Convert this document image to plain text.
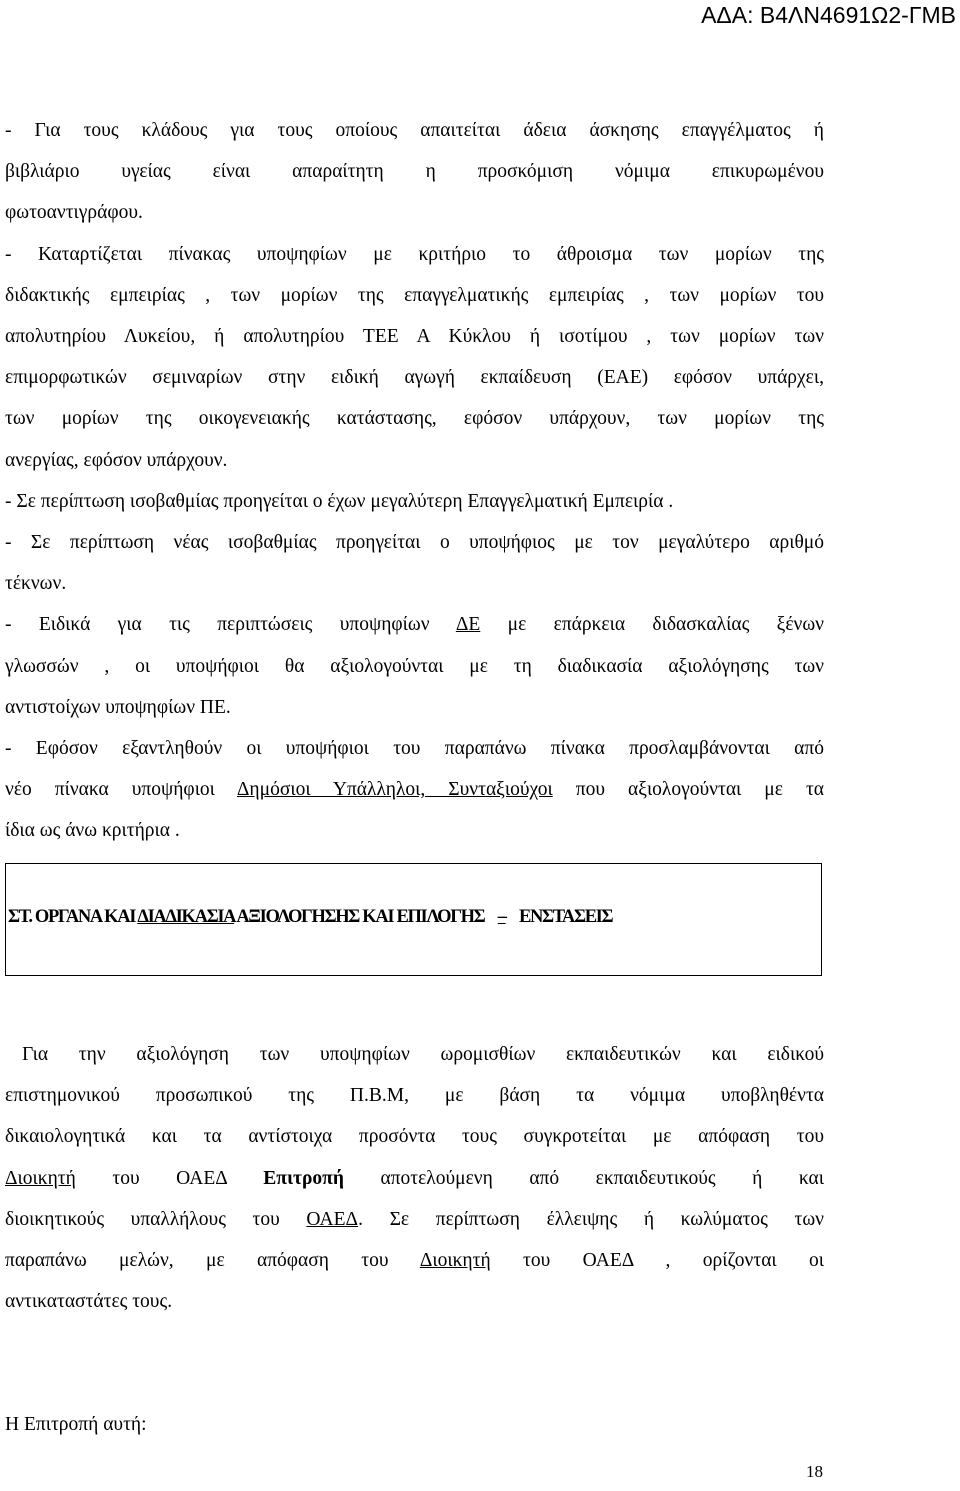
ΑΔΑ: Β4ΛΝ4691Ω2-ΓΜΒ
- Για τους κλάδους για τους οποίους απαιτείται άδεια άσκησης επαγγέλματος ή
βιβλιάριο υγείας είναι απαραίτητη η προσκόμιση νόμιμα επικυρωμένου
φωτοαντιγράφου.
- Καταρτίζεται πίνακας υποψηφίων με κριτήριο το άθροισμα των μορίων της
διδακτικής εμπειρίας , των μορίων της επαγγελματικής εμπειρίας , των μορίων του
απολυτηρίου Λυκείου, ή απολυτηρίου ΤΕΕ Α Κύκλου ή ισοτίμου , των μορίων των
επιμορφωτικών σεμιναρίων στην ειδική αγωγή εκπαίδευση (ΕΑΕ) εφόσον υπάρχει,
των μορίων της οικογενειακής κατάστασης, εφόσον υπάρχουν, των μορίων της
ανεργίας, εφόσον υπάρχουν.
- Σε περίπτωση ισοβαθμίας προηγείται ο έχων μεγαλύτερη Επαγγελματική Εμπειρία .
- Σε περίπτωση νέας ισοβαθμίας προηγείται ο υποψήφιος με τον μεγαλύτερο αριθμό
τέκνων.
- Ειδικά για τις περιπτώσεις υποψηφίων ΔΕ με επάρκεια διδασκαλίας ξένων
γλωσσών , οι υποψήφιοι θα αξιολογούνται με τη διαδικασία αξιολόγησης των
αντιστοίχων υποψηφίων ΠΕ.
- Εφόσον εξαντληθούν οι υποψήφιοι του παραπάνω πίνακα προσλαμβάνονται από
νέο πίνακα υποψήφιοι Δημόσιοι Υπάλληλοι, Συνταξιούχοι που αξιολογούνται με τα
ίδια ως άνω κριτήρια .
ΣΤ. ΟΡΓΑΝΑ ΚΑΙ ΔΙΑΔΙΚΑΣΙΑ ΑΞΙΟΛΟΓΗΣΗΣ ΚΑΙ ΕΠΙΛΟΓΗΣ – ΕΝΣΤΑΣΕΙΣ
Για την αξιολόγηση των υποψηφίων ωρομισθίων εκπαιδευτικών και ειδικού
επιστημονικού προσωπικού της Π.Β.Μ, με βάση τα νόμιμα υποβληθέντα
δικαιολογητικά και τα αντίστοιχα προσόντα τους συγκροτείται με απόφαση του
Διοικητή του ΟΑΕΔ Επιτροπή αποτελούμενη από εκπαιδευτικούς ή και
διοικητικούς υπαλλήλους του ΟΑΕΔ. Σε περίπτωση έλλειψης ή κωλύματος των
παραπάνω μελών, με απόφαση του Διοικητή του ΟΑΕΔ , ορίζονται οι
αντικαταστάτες τους.
Η Επιτροπή αυτή:
18
